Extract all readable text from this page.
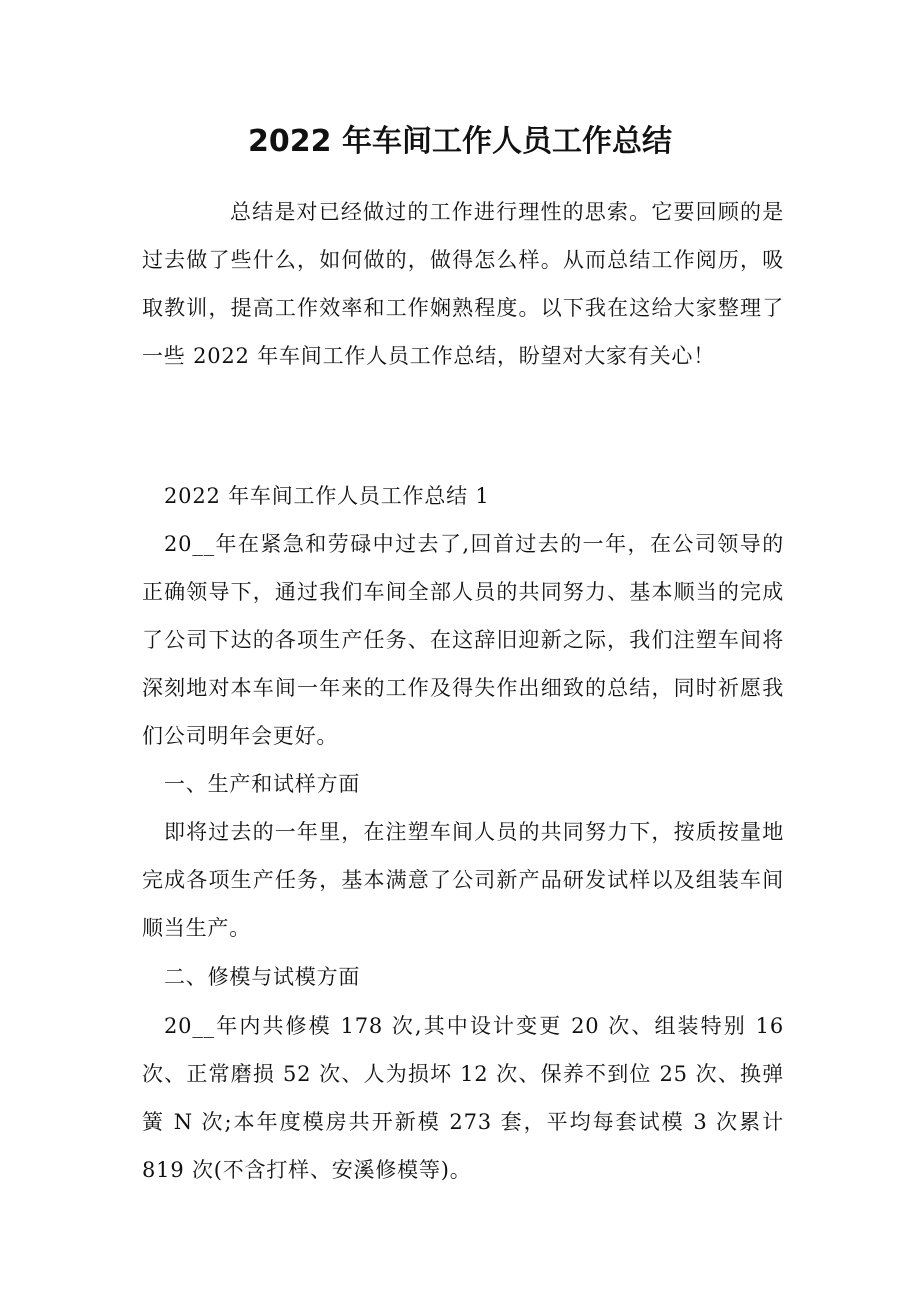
2022 年车间工作人员工作总结

总结是对已经做过的工作进行理性的思索。它要回顾的是过去做了些什么，如何做的，做得怎么样。从而总结工作阅历，吸取教训，提高工作效率和工作娴熟程度。以下我在这给大家整理了一些 2022 年车间工作人员工作总结，盼望对大家有关心！

2022 年车间工作人员工作总结 1

20__年在紧急和劳碌中过去了,回首过去的一年，在公司领导的正确领导下，通过我们车间全部人员的共同努力、基本顺当的完成了公司下达的各项生产任务、在这辞旧迎新之际，我们注塑车间将深刻地对本车间一年来的工作及得失作出细致的总结，同时祈愿我们公司明年会更好。

一、生产和试样方面

即将过去的一年里，在注塑车间人员的共同努力下，按质按量地完成各项生产任务，基本满意了公司新产品研发试样以及组装车间顺当生产。

二、修模与试模方面

20__年内共修模 178 次,其中设计变更 20 次、组装特别 16 次、正常磨损 52 次、人为损坏 12 次、保养不到位 25 次、换弹簧 N 次;本年度模房共开新模 273 套，平均每套试模 3 次累计 819 次(不含打样、安溪修模等)。
